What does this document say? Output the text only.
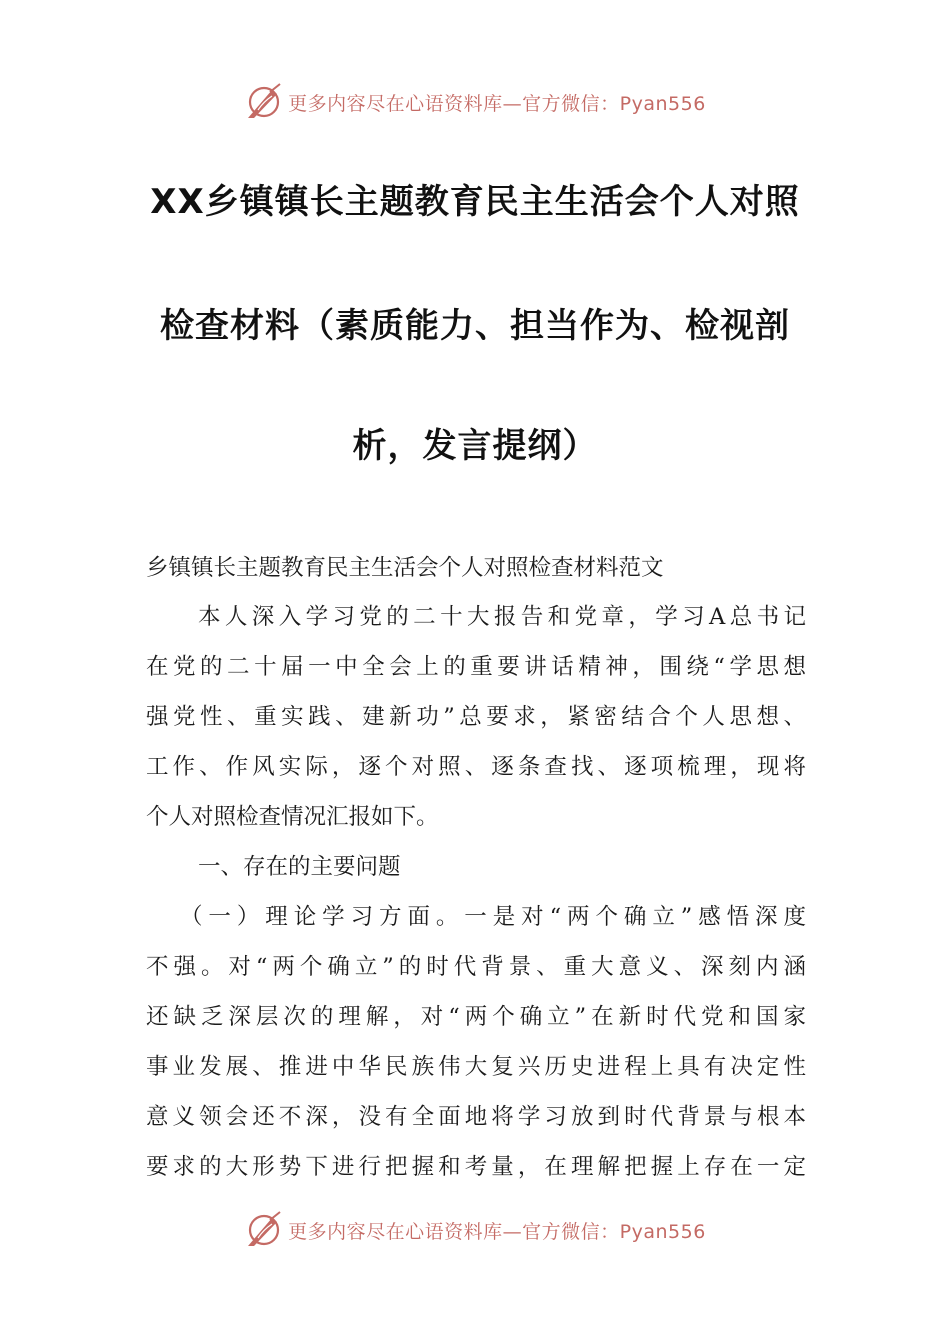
更多内容尽在心语资料库—官方微信：Pyan556
XX乡镇镇长主题教育民主生活会个人对照
检查材料（素质能力、担当作为、检视剖
析，发言提纲）
乡镇镇长主题教育民主生活会个人对照检查材料范文
本人深入学习党的二十大报告和党章，学习A总书记
在党的二十届一中全会上的重要讲话精神，围绕“学思想
强党性、重实践、建新功”总要求，紧密结合个人思想、
工作、作风实际，逐个对照、逐条查找、逐项梳理，现将
个人对照检查情况汇报如下。
一、存在的主要问题
（一）理论学习方面。一是对“两个确立”感悟深度
不强。对“两个确立”的时代背景、重大意义、深刻内涵
还缺乏深层次的理解，对“两个确立”在新时代党和国家
事业发展、推进中华民族伟大复兴历史进程上具有决定性
意义领会还不深，没有全面地将学习放到时代背景与根本
要求的大形势下进行把握和考量，在理解把握上存在一定
更多内容尽在心语资料库—官方微信：Pyan556
